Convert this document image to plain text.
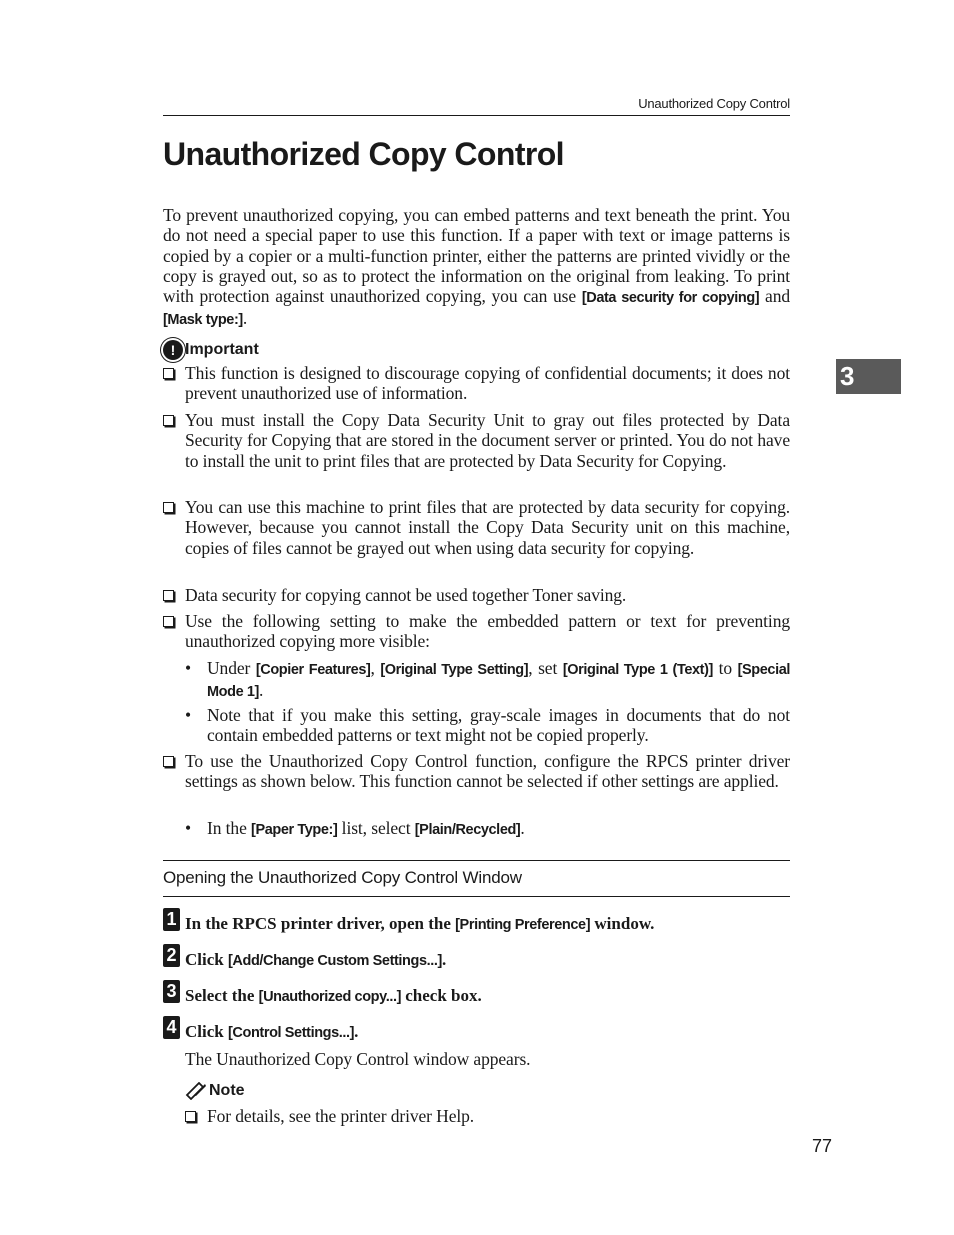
Unauthorized Copy Control
Unauthorized Copy Control
To prevent unauthorized copying, you can embed patterns and text beneath the print. You do not need a special paper to use this function. If a paper with text or image patterns is copied by a copier or a multi-function printer, either the patterns are printed vividly or the copy is grayed out, so as to protect the information on the original from leaking. To print with protection against unauthorized copying, you can use [Data security for copying] and [Mask type:].
! Important
This function is designed to discourage copying of confidential documents; it does not prevent unauthorized use of information.
You must install the Copy Data Security Unit to gray out files protected by Data Security for Copying that are stored in the document server or printed. You do not have to install the unit to print files that are protected by Data Security for Copying.
You can use this machine to print files that are protected by data security for copying. However, because you cannot install the Copy Data Security unit on this machine, copies of files cannot be grayed out when using data security for copying.
Data security for copying cannot be used together Toner saving.
Use the following setting to make the embedded pattern or text for preventing unauthorized copying more visible:
• Under [Copier Features], [Original Type Setting], set [Original Type 1 (Text)] to [Special Mode 1].
• Note that if you make this setting, gray-scale images in documents that do not contain embedded patterns or text might not be copied properly.
To use the Unauthorized Copy Control function, configure the RPCS printer driver settings as shown below. This function cannot be selected if other settings are applied.
• In the [Paper Type:] list, select [Plain/Recycled].
3
Opening the Unauthorized Copy Control Window
1 In the RPCS printer driver, open the [Printing Preference] window.
2 Click [Add/Change Custom Settings...].
3 Select the [Unauthorized copy...] check box.
4 Click [Control Settings...].
The Unauthorized Copy Control window appears.
Note
For details, see the printer driver Help.
77
